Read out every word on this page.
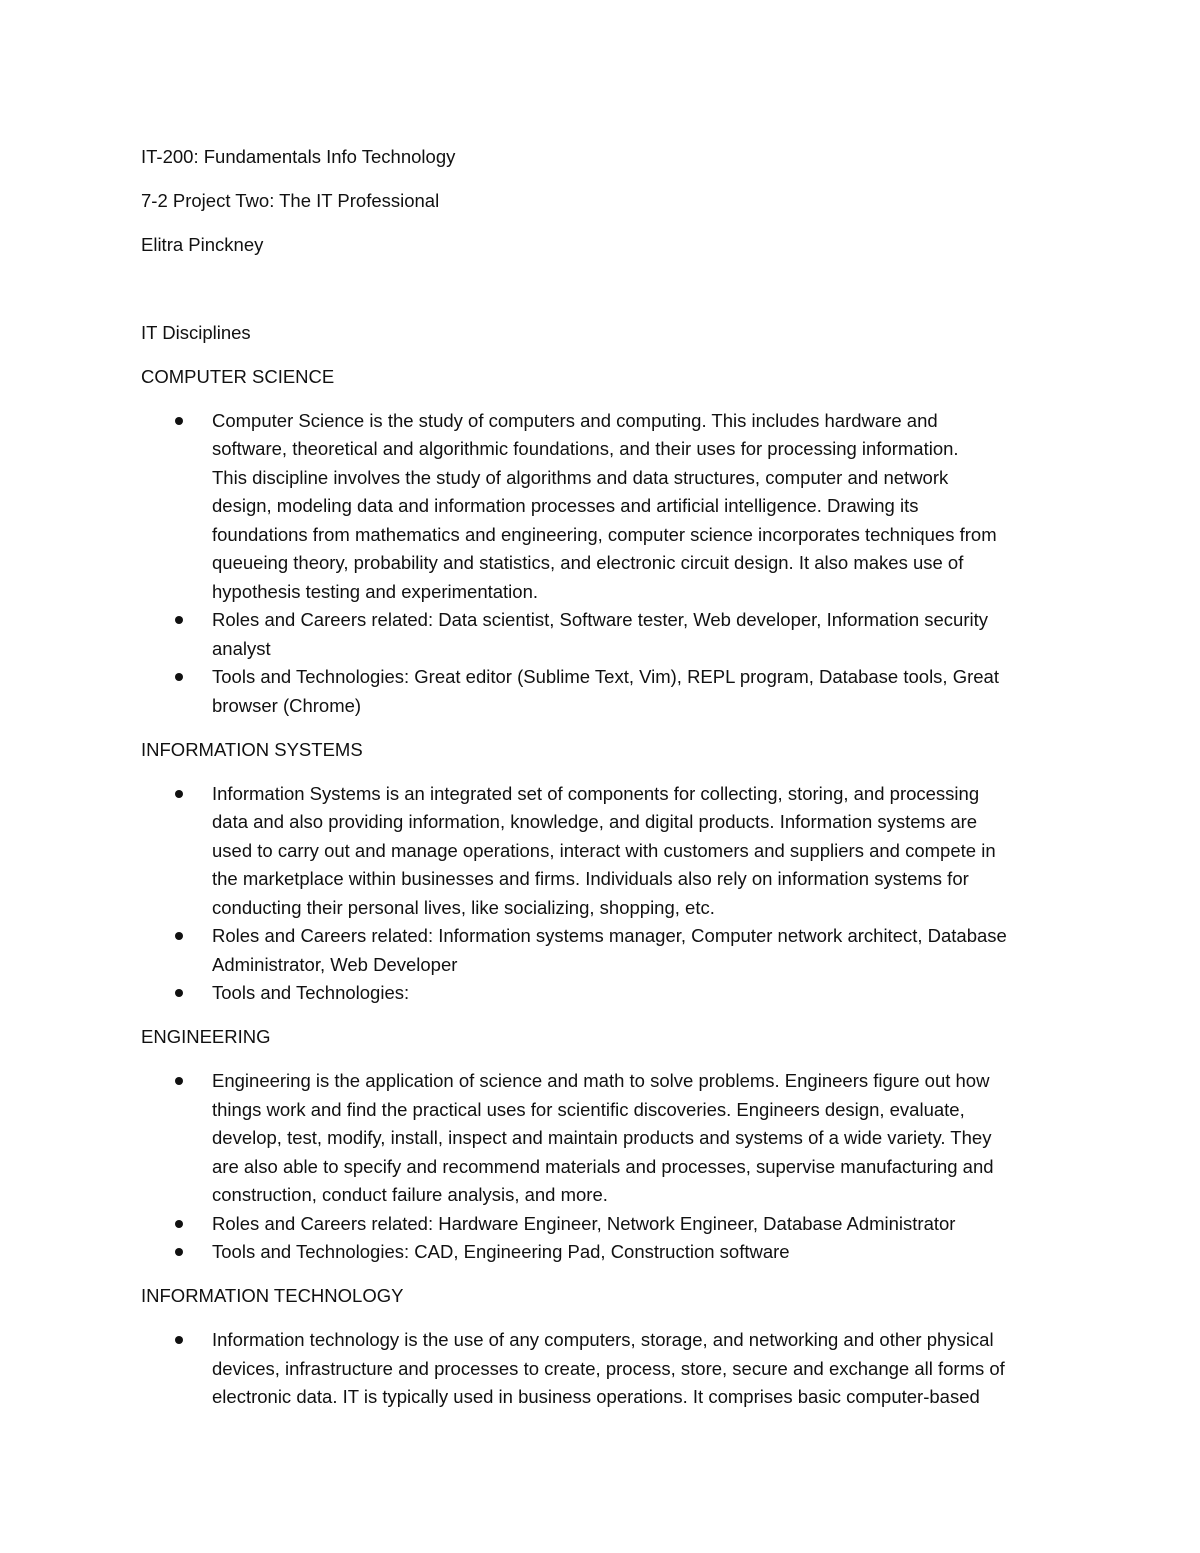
IT-200: Fundamentals Info Technology

7-2 Project Two: The IT Professional

Elitra Pinckney

IT Disciplines

COMPUTER SCIENCE

Computer Science is the study of computers and computing. This includes hardware and
software, theoretical and algorithmic foundations, and their uses for processing information.
This discipline involves the study of algorithms and data structures, computer and network
design, modeling data and information processes and artificial intelligence. Drawing its
foundations from mathematics and engineering, computer science incorporates techniques from
queueing theory, probability and statistics, and electronic circuit design. It also makes use of
hypothesis testing and experimentation.
Roles and Careers related: Data scientist, Software tester, Web developer, Information security
analyst
Tools and Technologies: Great editor (Sublime Text, Vim), REPL program, Database tools, Great
browser (Chrome)

INFORMATION SYSTEMS

Information Systems is an integrated set of components for collecting, storing, and processing
data and also providing information, knowledge, and digital products. Information systems are
used to carry out and manage operations, interact with customers and suppliers and compete in
the marketplace within businesses and firms. Individuals also rely on information systems for
conducting their personal lives, like socializing, shopping, etc.
Roles and Careers related: Information systems manager, Computer network architect, Database
Administrator, Web Developer
Tools and Technologies:

ENGINEERING

Engineering is the application of science and math to solve problems. Engineers figure out how
things work and find the practical uses for scientific discoveries. Engineers design, evaluate,
develop, test, modify, install, inspect and maintain products and systems of a wide variety. They
are also able to specify and recommend materials and processes, supervise manufacturing and
construction, conduct failure analysis, and more.
Roles and Careers related: Hardware Engineer, Network Engineer, Database Administrator
Tools and Technologies: CAD, Engineering Pad, Construction software

INFORMATION TECHNOLOGY

Information technology is the use of any computers, storage, and networking and other physical
devices, infrastructure and processes to create, process, store, secure and exchange all forms of
electronic data. IT is typically used in business operations. It comprises basic computer-based
